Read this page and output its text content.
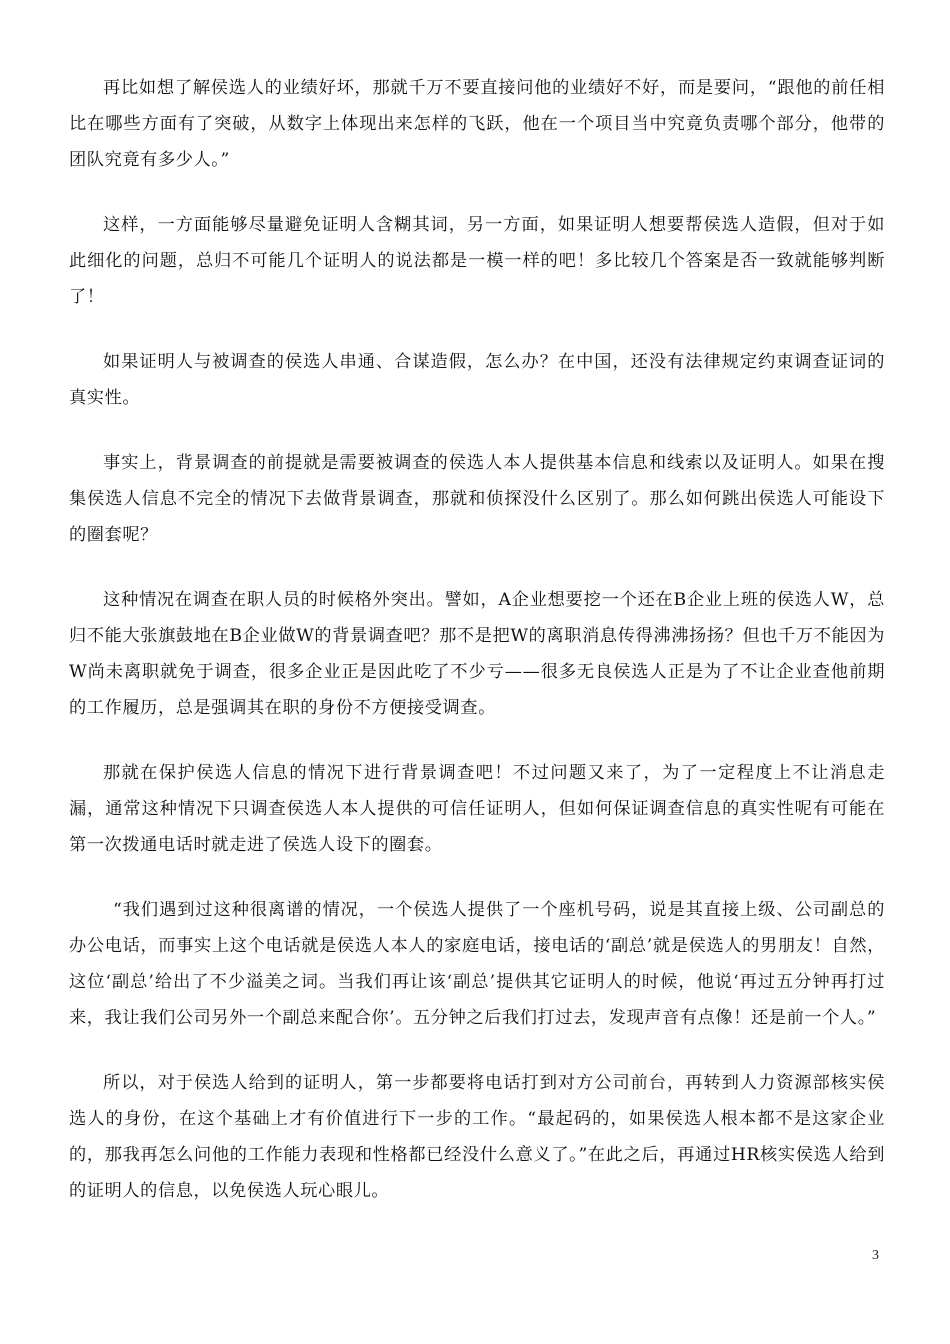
再比如想了解侯选人的业绩好坏，那就千万不要直接问他的业绩好不好，而是要问，“跟他的前任相比在哪些方面有了突破，从数字上体现出来怎样的飞跃，他在一个项目当中究竟负责哪个部分，他带的团队究竟有多少人。”

这样，一方面能够尽量避免证明人含糊其词，另一方面，如果证明人想要帮侯选人造假，但对于如此细化的问题，总归不可能几个证明人的说法都是一模一样的吧！多比较几个答案是否一致就能够判断了！

如果证明人与被调查的侯选人串通、合谋造假，怎么办？在中国，还没有法律规定约束调查证词的真实性。

事实上，背景调查的前提就是需要被调查的侯选人本人提供基本信息和线索以及证明人。如果在搜集侯选人信息不完全的情况下去做背景调查，那就和侦探没什么区别了。那么如何跳出侯选人可能设下的圈套呢？

这种情况在调查在职人员的时候格外突出。譬如，A企业想要挖一个还在B企业上班的侯选人W，总归不能大张旗鼓地在B企业做W的背景调查吧？那不是把W的离职消息传得沸沸扬扬？但也千万不能因为W尚未离职就免于调查，很多企业正是因此吃了不少亏——很多无良侯选人正是为了不让企业查他前期的工作履历，总是强调其在职的身份不方便接受调查。

那就在保护侯选人信息的情况下进行背景调查吧！不过问题又来了，为了一定程度上不让消息走漏，通常这种情况下只调查侯选人本人提供的可信任证明人，但如何保证调查信息的真实性呢有可能在第一次拨通电话时就走进了侯选人设下的圈套。

“我们遇到过这种很离谱的情况，一个侯选人提供了一个座机号码，说是其直接上级、公司副总的办公电话，而事实上这个电话就是侯选人本人的家庭电话，接电话的‘副总’就是侯选人的男朋友！自然，这位‘副总’给出了不少溢美之词。当我们再让该‘副总’提供其它证明人的时候，他说‘再过五分钟再打过来，我让我们公司另外一个副总来配合你’。五分钟之后我们打过去，发现声音有点像！还是前一个人。”

所以，对于侯选人给到的证明人，第一步都要将电话打到对方公司前台，再转到人力资源部核实侯选人的身份，在这个基础上才有价值进行下一步的工作。“最起码的，如果侯选人根本都不是这家企业的，那我再怎么问他的工作能力表现和性格都已经没什么意义了。”在此之后，再通过HR核实侯选人给到的证明人的信息，以免侯选人玩心眼儿。

3
